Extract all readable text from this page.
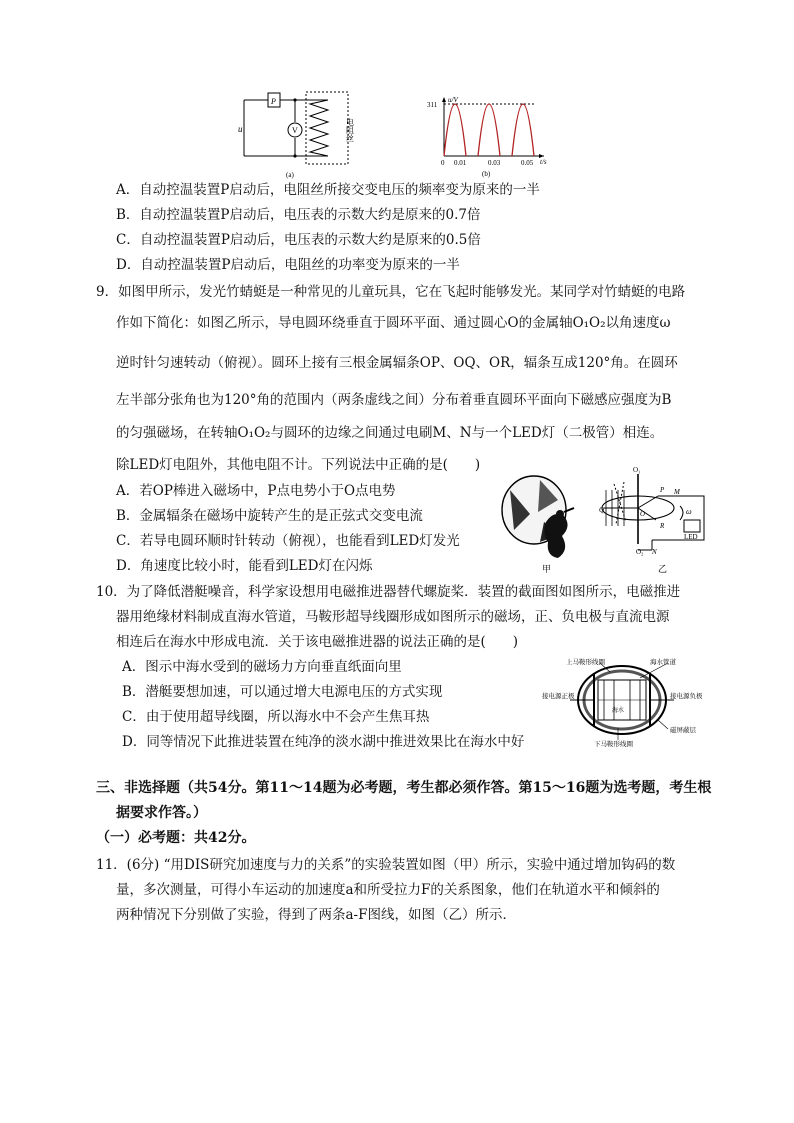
P
u	V	电阻丝
(a)
u/V
311
t/s
0 0.01	0.03	0.05
(b)
A．自动控温装置P启动后，电阻丝所接交变电压的频率变为原来的一半
B．自动控温装置P启动后，电压表的示数大约是原来的0.7倍
C．自动控温装置P启动后，电压表的示数大约是原来的0.5倍
D．自动控温装置P启动后，电阻丝的功率变为原来的一半
9．如图甲所示，发光竹蜻蜓是一种常见的儿童玩具，它在飞起时能够发光。某同学对竹蜻蜓的电路
作如下简化：如图乙所示，导电圆环绕垂直于圆环平面、通过圆心O的金属轴O₁O₂以角速度ω
逆时针匀速转动（俯视）。圆环上接有三根金属辐条OP、OQ、OR，辐条互成120°角。在圆环
左半部分张角也为120°角的范围内（两条虚线之间）分布着垂直圆环平面向下磁感应强度为B
的匀强磁场，在转轴O₁O₂与圆环的边缘之间通过电刷M、N与一个LED灯（二极管）相连。
除LED灯电阻外，其他电阻不计。下列说法中正确的是(　　)
A．若OP棒进入磁场中，P点电势小于O点电势
B．金属辐条在磁场中旋转产生的是正弦式交变电流
C．若导电圆环顺时针转动（俯视），也能看到LED灯发光
D．角速度比较小时，能看到LED灯在闪烁	甲
O₁
P M
Q	O
R
ω
LED
O₂ N
乙
10．为了降低潜艇噪音，科学家设想用电磁推进器替代螺旋桨．装置的截面图如图所示，电磁推进
器用绝缘材料制成直海水管道，马鞍形超导线圈形成如图所示的磁场，正、负电极与直流电源
相连后在海水中形成电流．关于该电磁推进器的说法正确的是(　　)
A．图示中海水受到的磁场力方向垂直纸面向里
B．潜艇要想加速，可以通过增大电源电压的方式实现
C．由于使用超导线圈，所以海水中不会产生焦耳热
D．同等情况下此推进装置在纯净的淡水湖中推进效果比在海水中好
上马鞍形线圈	海水管道
接电源正极	接电源负极
海水
磁屏蔽层
下马鞍形线圈
三、非选择题（共54分。第11～14题为必考题，考生都必须作答。第15～16题为选考题，考生根
据要求作答。）
（一）必考题：共42分。
11．(6分) “用DIS研究加速度与力的关系”的实验装置如图（甲）所示，实验中通过增加钩码的数
量，多次测量，可得小车运动的加速度a和所受拉力F的关系图象，他们在轨道水平和倾斜的
两种情况下分别做了实验，得到了两条a-F图线，如图（乙）所示．
